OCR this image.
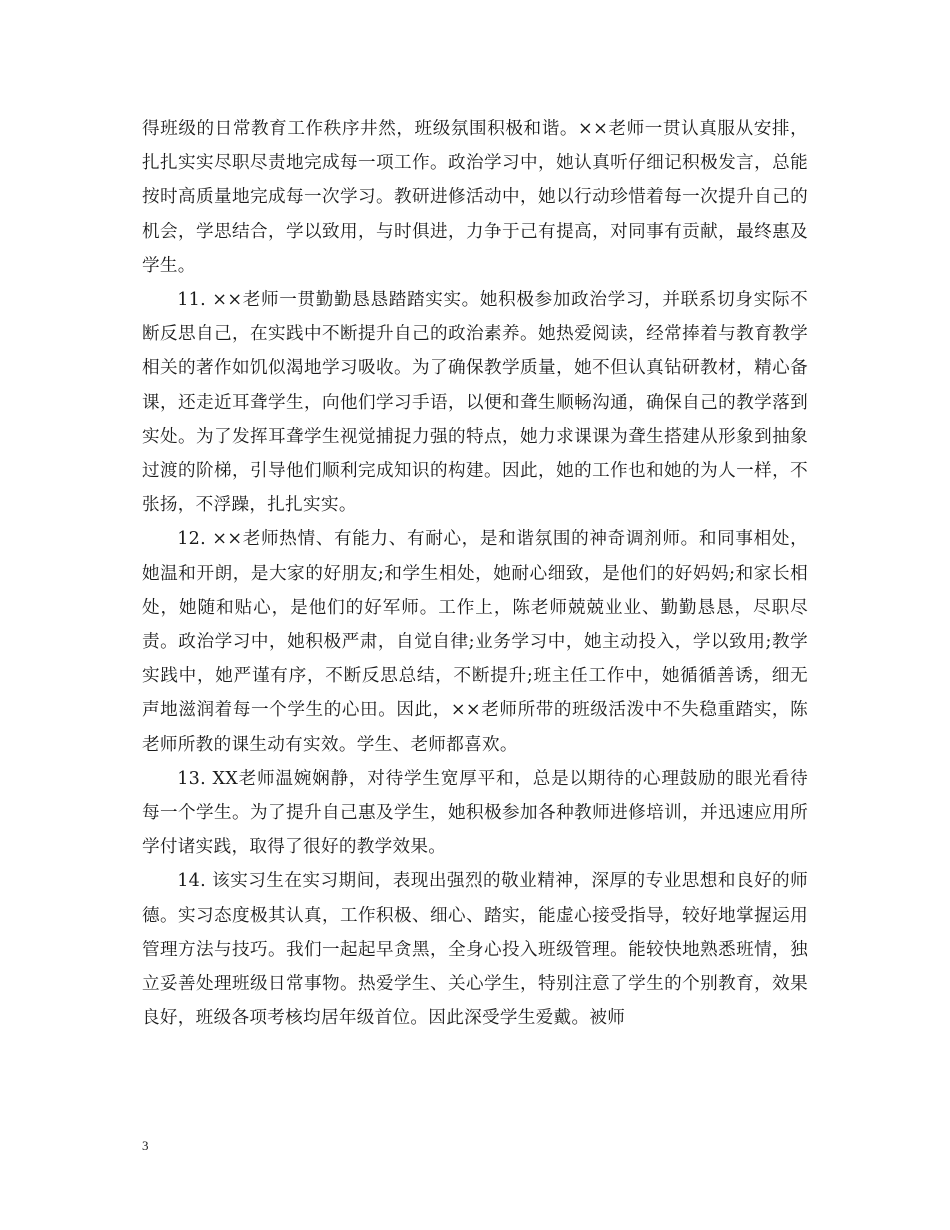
得班级的日常教育工作秩序井然，班级氛围积极和谐。××老师一贯认真服从安排，扎扎实实尽职尽责地完成每一项工作。政治学习中，她认真听仔细记积极发言，总能按时高质量地完成每一次学习。教研进修活动中，她以行动珍惜着每一次提升自己的机会，学思结合，学以致用，与时俱进，力争于己有提高，对同事有贡献，最终惠及学生。

11. ××老师一贯勤勤恳恳踏踏实实。她积极参加政治学习，并联系切身实际不断反思自己，在实践中不断提升自己的政治素养。她热爱阅读，经常捧着与教育教学相关的著作如饥似渴地学习吸收。为了确保教学质量，她不但认真钻研教材，精心备课，还走近耳聋学生，向他们学习手语，以便和聋生顺畅沟通，确保自己的教学落到实处。为了发挥耳聋学生视觉捕捉力强的特点，她力求课课为聋生搭建从形象到抽象过渡的阶梯，引导他们顺利完成知识的构建。因此，她的工作也和她的为人一样，不张扬，不浮躁，扎扎实实。

12. ××老师热情、有能力、有耐心，是和谐氛围的神奇调剂师。和同事相处，她温和开朗，是大家的好朋友;和学生相处，她耐心细致，是他们的好妈妈;和家长相处，她随和贴心，是他们的好军师。工作上，陈老师兢兢业业、勤勤恳恳，尽职尽责。政治学习中，她积极严肃，自觉自律;业务学习中，她主动投入，学以致用;教学实践中，她严谨有序，不断反思总结，不断提升;班主任工作中，她循循善诱，细无声地滋润着每一个学生的心田。因此，××老师所带的班级活泼中不失稳重踏实，陈老师所教的课生动有实效。学生、老师都喜欢。

13. XX老师温婉娴静，对待学生宽厚平和，总是以期待的心理鼓励的眼光看待每一个学生。为了提升自己惠及学生，她积极参加各种教师进修培训，并迅速应用所学付诸实践，取得了很好的教学效果。

14. 该实习生在实习期间，表现出强烈的敬业精神，深厚的专业思想和良好的师德。实习态度极其认真，工作积极、细心、踏实，能虚心接受指导，较好地掌握运用管理方法与技巧。我们一起起早贪黑，全身心投入班级管理。能较快地熟悉班情，独立妥善处理班级日常事物。热爱学生、关心学生，特别注意了学生的个别教育，效果良好，班级各项考核均居年级首位。因此深受学生爱戴。被师

3
